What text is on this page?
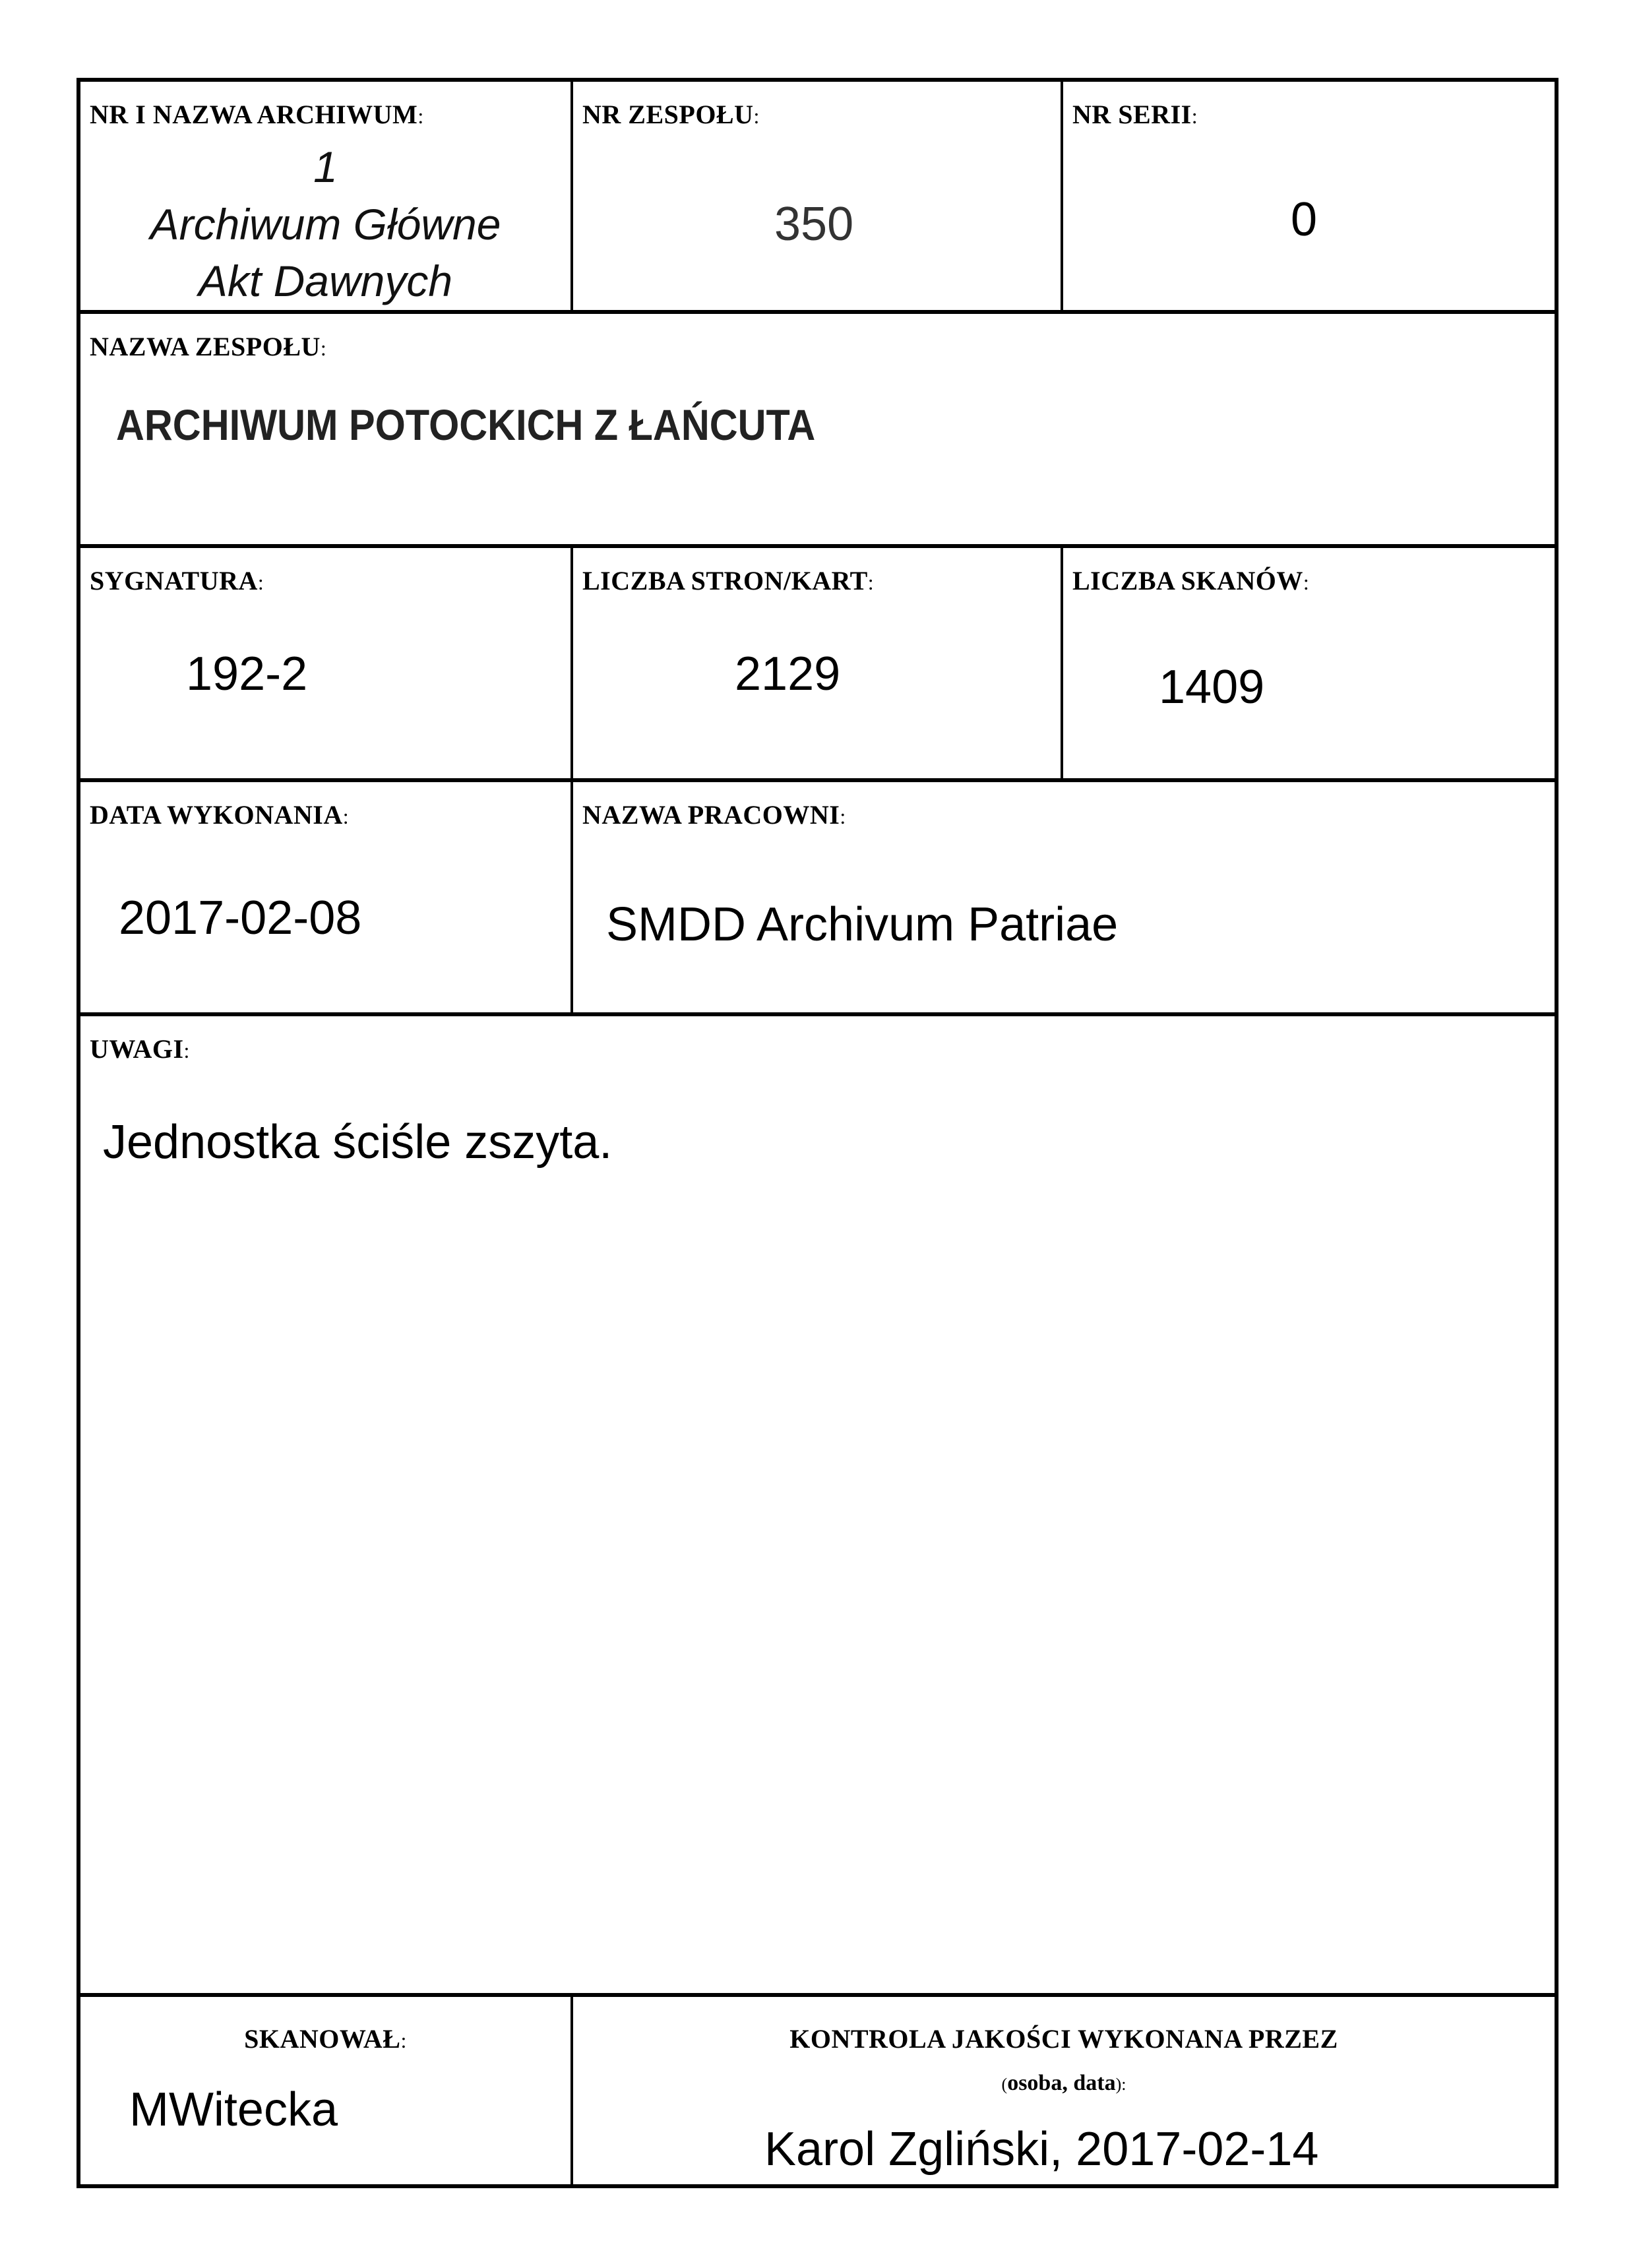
NR I NAZWA ARCHIWUM:
1
Archiwum Główne
Akt Dawnych
NR ZESPOŁU:
350
NR SERII:
0
NAZWA ZESPOŁU:
ARCHIWUM POTOCKICH Z ŁAŃCUTA
SYGNATURA:
192-2
LICZBA STRON/KART:
2129
LICZBA SKANÓW:
1409
DATA WYKONANIA:
2017-02-08
NAZWA PRACOWNI:
SMDD Archivum Patriae
UWAGI:
Jednostka ściśle zszyta.
SKANOWAŁ:
MWitecka
KONTROLA JAKOŚCI WYKONANA PRZEZ
(osoba, data):
Karol Zgliński, 2017-02-14
